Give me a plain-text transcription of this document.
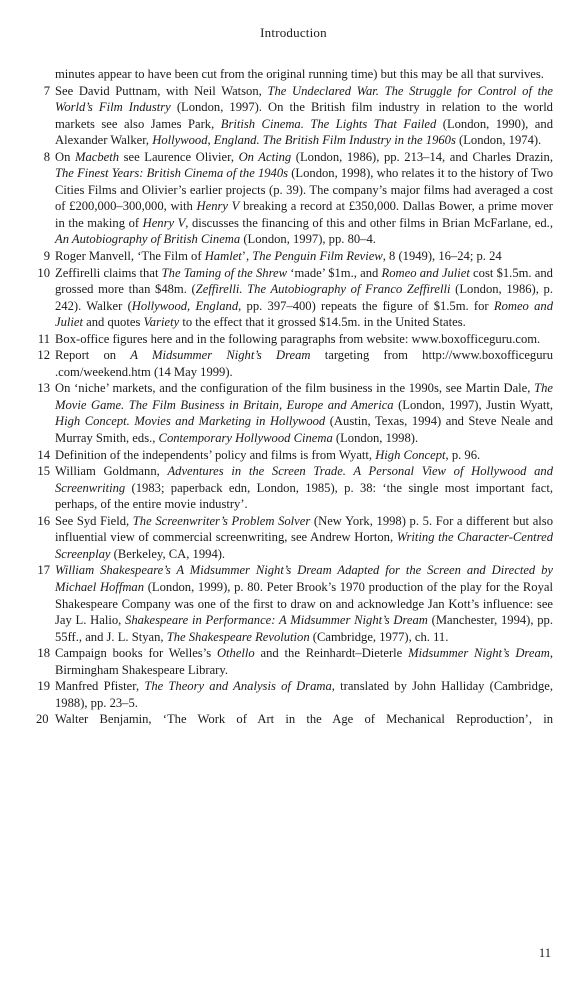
Introduction
minutes appear to have been cut from the original running time) but this may be all that survives.
7 See David Puttnam, with Neil Watson, The Undeclared War. The Struggle for Control of the World’s Film Industry (London, 1997). On the British film industry in relation to the world markets see also James Park, British Cinema. The Lights That Failed (London, 1990), and Alexander Walker, Hollywood, England. The British Film Industry in the 1960s (London, 1974).
8 On Macbeth see Laurence Olivier, On Acting (London, 1986), pp. 213–14, and Charles Drazin, The Finest Years: British Cinema of the 1940s (London, 1998), who relates it to the history of Two Cities Films and Olivier’s earlier projects (p. 39). The company’s major films had averaged a cost of £200,000–300,000, with Henry V breaking a record at £350,000. Dallas Bower, a prime mover in the making of Henry V, discusses the financing of this and other films in Brian McFarlane, ed., An Autobiography of British Cinema (London, 1997), pp. 80–4.
9 Roger Manvell, ‘The Film of Hamlet’, The Penguin Film Review, 8 (1949), 16–24; p. 24
10 Zeffirelli claims that The Taming of the Shrew ‘made’ $1m., and Romeo and Juliet cost $1.5m. and grossed more than $48m. (Zeffirelli. The Autobiography of Franco Zeffirelli (London, 1986), p. 242). Walker (Hollywood, England, pp. 397–400) repeats the figure of $1.5m. for Romeo and Juliet and quotes Variety to the effect that it grossed $14.5m. in the United States.
11 Box-office figures here and in the following paragraphs from website: www.boxofficeguru.com.
12 Report on A Midsummer Night’s Dream targeting from http://www.boxofficeguru .com/weekend.htm (14 May 1999).
13 On ‘niche’ markets, and the configuration of the film business in the 1990s, see Martin Dale, The Movie Game. The Film Business in Britain, Europe and America (London, 1997), Justin Wyatt, High Concept. Movies and Marketing in Hollywood (Austin, Texas, 1994) and Steve Neale and Murray Smith, eds., Contemporary Hollywood Cinema (London, 1998).
14 Definition of the independents’ policy and films is from Wyatt, High Concept, p. 96.
15 William Goldmann, Adventures in the Screen Trade. A Personal View of Hollywood and Screenwriting (1983; paperback edn, London, 1985), p. 38: ‘the single most important fact, perhaps, of the entire movie industry’.
16 See Syd Field, The Screenwriter’s Problem Solver (New York, 1998) p. 5. For a different but also influential view of commercial screenwriting, see Andrew Horton, Writing the Character-Centred Screenplay (Berkeley, CA, 1994).
17 William Shakespeare’s A Midsummer Night’s Dream Adapted for the Screen and Directed by Michael Hoffman (London, 1999), p. 80. Peter Brook’s 1970 production of the play for the Royal Shakespeare Company was one of the first to draw on and acknowledge Jan Kott’s influence: see Jay L. Halio, Shakespeare in Performance: A Midsummer Night’s Dream (Manchester, 1994), pp. 55ff., and J. L. Styan, The Shakespeare Revolution (Cambridge, 1977), ch. 11.
18 Campaign books for Welles’s Othello and the Reinhardt–Dieterle Midsummer Night’s Dream, Birmingham Shakespeare Library.
19 Manfred Pfister, The Theory and Analysis of Drama, translated by John Halliday (Cambridge, 1988), pp. 23–5.
20 Walter Benjamin, ‘The Work of Art in the Age of Mechanical Reproduction’, in
11
